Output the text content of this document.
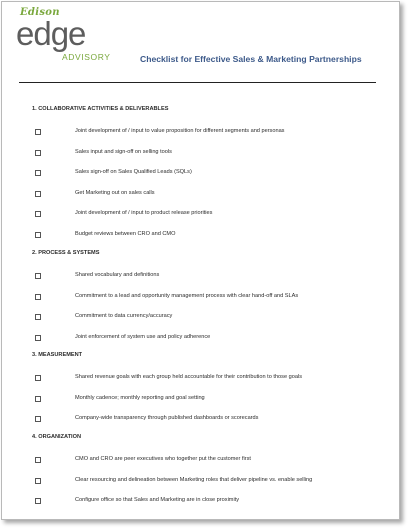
Edison
edge
ADVISORY	Checklist for Effective Sales & Marketing Partnerships
1. COLLABORATIVE ACTIVITIES & DELIVERABLES
Joint development of / input to value proposition for different segments and personas
Sales input and sign-off on selling tools
Sales sign-off on Sales Qualified Leads (SQLs)
Get Marketing out on sales calls
Joint development of / input to product release priorities
Budget reviews between CRO and CMO
2. PROCESS & SYSTEMS
Shared vocabulary and definitions
Commitment to a lead and opportunity management process with clear hand-off and SLAs
Commitment to data currency/accuracy
Joint enforcement of system use and policy adherence
3. MEASUREMENT
Shared revenue goals with each group held accountable for their contribution to those goals
Monthly cadence; monthly reporting and goal setting
Company-wide transparency through published dashboards or scorecards
4. ORGANIZATION
CMO and CRO are peer executives who together put the customer first
Clear resourcing and delineation between Marketing roles that deliver pipeline vs. enable selling
Configure office so that Sales and Marketing are in close proximity
